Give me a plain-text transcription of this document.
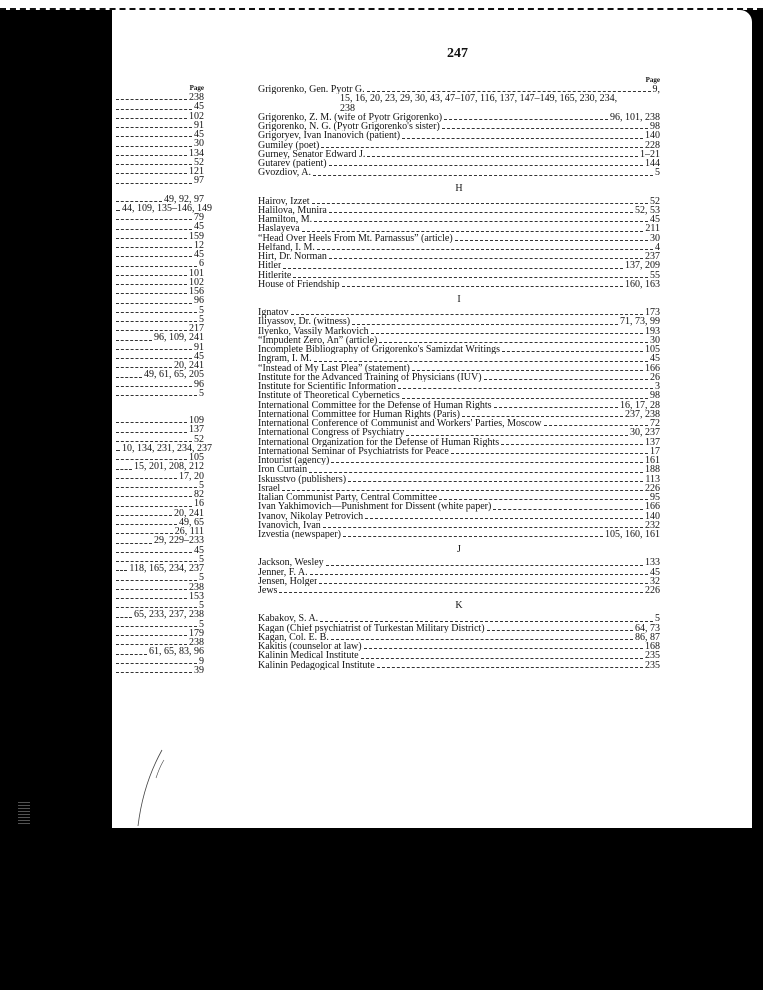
247
Page
238
45
102
91
45
30
134
52
121
97
49, 92, 97
44, 109, 135–146, 149
79
45
159
12
45
6
101
102
156
96
5
5
217
96, 109, 241
91
45
20, 241
49, 61, 65, 205
96
5
109
137
52
10, 134, 231, 234, 237
105
15, 201, 208, 212
17, 20
5
82
16
20, 241
49, 65
26, 111
29, 229–233
45
5
118, 165, 234, 237
5
238
153
5
65, 233, 237, 238
5
179
238
61, 65, 83, 96
9
39
Page
Grigorenko, Gen. Pyotr G.	9,
15, 16, 20, 23, 29, 30, 43, 47–107, 116, 137, 147–149, 165, 230, 234,
238
Grigorenko, Z. M. (wife of Pyotr Grigorenko)	96, 101, 238
Grigorenko, N. G. (Pyotr Grigorenko's sister)	98
Grigoryev, Ivan Inanovich (patient)	140
Gumiley (poet)	228
Gurney, Senator Edward J.	1–21
Gutarev (patient)	144
Gvozdiov, A.	5
H
Hairov, Izzet	52
Halilova, Munira	52, 53
Hamilton, M.	45
Haslayeva	211
“Head Over Heels From Mt. Parnassus” (article)	30
Helfand, I. M.	4
Hirt, Dr. Norman	237
Hitler	137, 209
Hitlerite	55
House of Friendship	160, 163
I
Ignatov	173
Iliyassov, Dr. (witness)	71, 73, 99
Ilyenko, Vassily Markovich	193
“Impudent Zero, An” (article)	30
Incomplete Bibliography of Grigorenko's Samizdat Writings	105
Ingram, I. M.	45
“Instead of My Last Plea” (statement)	166
Institute for the Advanced Training of Physicians (IUV)	26
Institute for Scientific Information	3
Institute of Theoretical Cybernetics	98
International Committee for the Defense of Human Rights	16, 17, 28
International Committee for Human Rights (Paris)	237, 238
International Conference of Communist and Workers' Parties, Moscow	72
International Congress of Psychiatry	30, 237
International Organization for the Defense of Human Rights	137
International Seminar of Psychiatrists for Peace	17
Intourist (agency)	161
Iron Curtain	188
Iskusstvo (publishers)	113
Israel	226
Italian Communist Party, Central Committee	95
Ivan Yakhimovich—Punishment for Dissent (white paper)	166
Ivanov, Nikolay Petrovich	140
Ivanovich, Ivan	232
Izvestia (newspaper)	105, 160, 161
J
Jackson, Wesley	133
Jenner, F. A.	45
Jensen, Holger	32
Jews	226
K
Kabakov, S. A.	5
Kagan (Chief psychiatrist of Turkestan Military District)	64, 73
Kagan, Col. E. B.	86, 87
Kakitis (counselor at law)	168
Kalinin Medical Institute	235
Kalinin Pedagogical Institute	235
